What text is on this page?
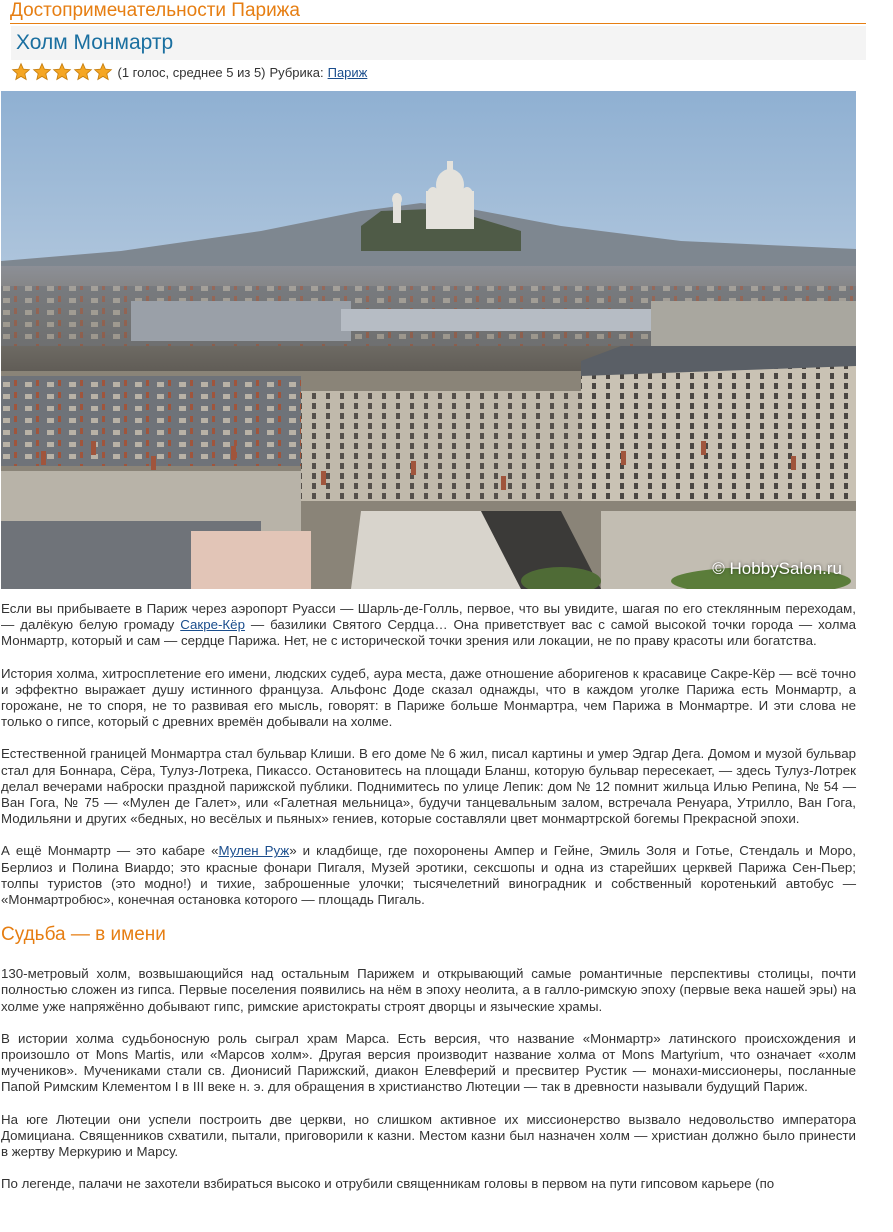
Достопримечательности Парижа
Холм Монмартр
(1 голос, среднее 5 из 5) Рубрика: Париж
© HobbySalon.ru

Если вы прибываете в Париж через аэропорт Руасси — Шарль-де-Голль, первое, что вы увидите, шагая по его стеклянным переходам, — далёкую белую громаду Сакре-Кёр — базилики Святого Сердца… Она приветствует вас с самой высокой точки города — холма Монмартр, который и сам — сердце Парижа. Нет, не с исторической точки зрения или локации, не по праву красоты или богатства.

История холма, хитросплетение его имени, людских судеб, аура места, даже отношение аборигенов к красавице Сакре-Кёр — всё точно и эффектно выражает душу истинного француза. Альфонс Доде сказал однажды, что в каждом уголке Парижа есть Монмартр, а горожане, не то споря, не то развивая его мысль, говорят: в Париже больше Монмартра, чем Парижа в Монмартре. И эти слова не только о гипсе, который с древних времён добывали на холме.

Естественной границей Монмартра стал бульвар Клиши. В его доме № 6 жил, писал картины и умер Эдгар Дега. Домом и музой бульвар стал для Боннара, Сёра, Тулуз-Лотрека, Пикассо. Остановитесь на площади Бланш, которую бульвар пересекает, — здесь Тулуз-Лотрек делал вечерами наброски праздной парижской публики. Поднимитесь по улице Лепик: дом № 12 помнит жильца Илью Репина, № 54 — Ван Гога, № 75 — «Мулен де Галет», или «Галетная мельница», будучи танцевальным залом, встречала Ренуара, Утрилло, Ван Гога, Модильяни и других «бедных, но весёлых и пьяных» гениев, которые составляли цвет монмартрской богемы Прекрасной эпохи.

А ещё Монмартр — это кабаре «Мулен Руж» и кладбище, где похоронены Ампер и Гейне, Эмиль Золя и Готье, Стендаль и Моро, Берлиоз и Полина Виардо; это красные фонари Пигаля, Музей эротики, сексшопы и одна из старейших церквей Парижа Сен-Пьер; толпы туристов (это модно!) и тихие, заброшенные улочки; тысячелетний виноградник и собственный коротенький автобус — «Монмартробюс», конечная остановка которого — площадь Пигаль.

Судьба — в имени

130-метровый холм, возвышающийся над остальным Парижем и открывающий самые романтичные перспективы столицы, почти полностью сложен из гипса. Первые поселения появились на нём в эпоху неолита, а в галло-римскую эпоху (первые века нашей эры) на холме уже напряжённо добывают гипс, римские аристократы строят дворцы и языческие храмы.

В истории холма судьбоносную роль сыграл храм Марса. Есть версия, что название «Монмартр» латинского происхождения и произошло от Mons Martis, или «Марсов холм». Другая версия производит название холма от Mons Martyrium, что означает «холм мучеников». Мучениками стали св. Дионисий Парижский, диакон Елевферий и пресвитер Рустик — монахи-миссионеры, посланные Папой Римским Клементом I в III веке н. э. для обращения в христианство Лютеции — так в древности называли будущий Париж.

На юге Лютеции они успели построить две церкви, но слишком активное их миссионерство вызвало недовольство императора Домициана. Священников схватили, пытали, приговорили к казни. Местом казни был назначен холм — христиан должно было принести в жертву Меркурию и Марсу.

По легенде, палачи не захотели взбираться высоко и отрубили священникам головы в первом на пути гипсовом карьере (по
